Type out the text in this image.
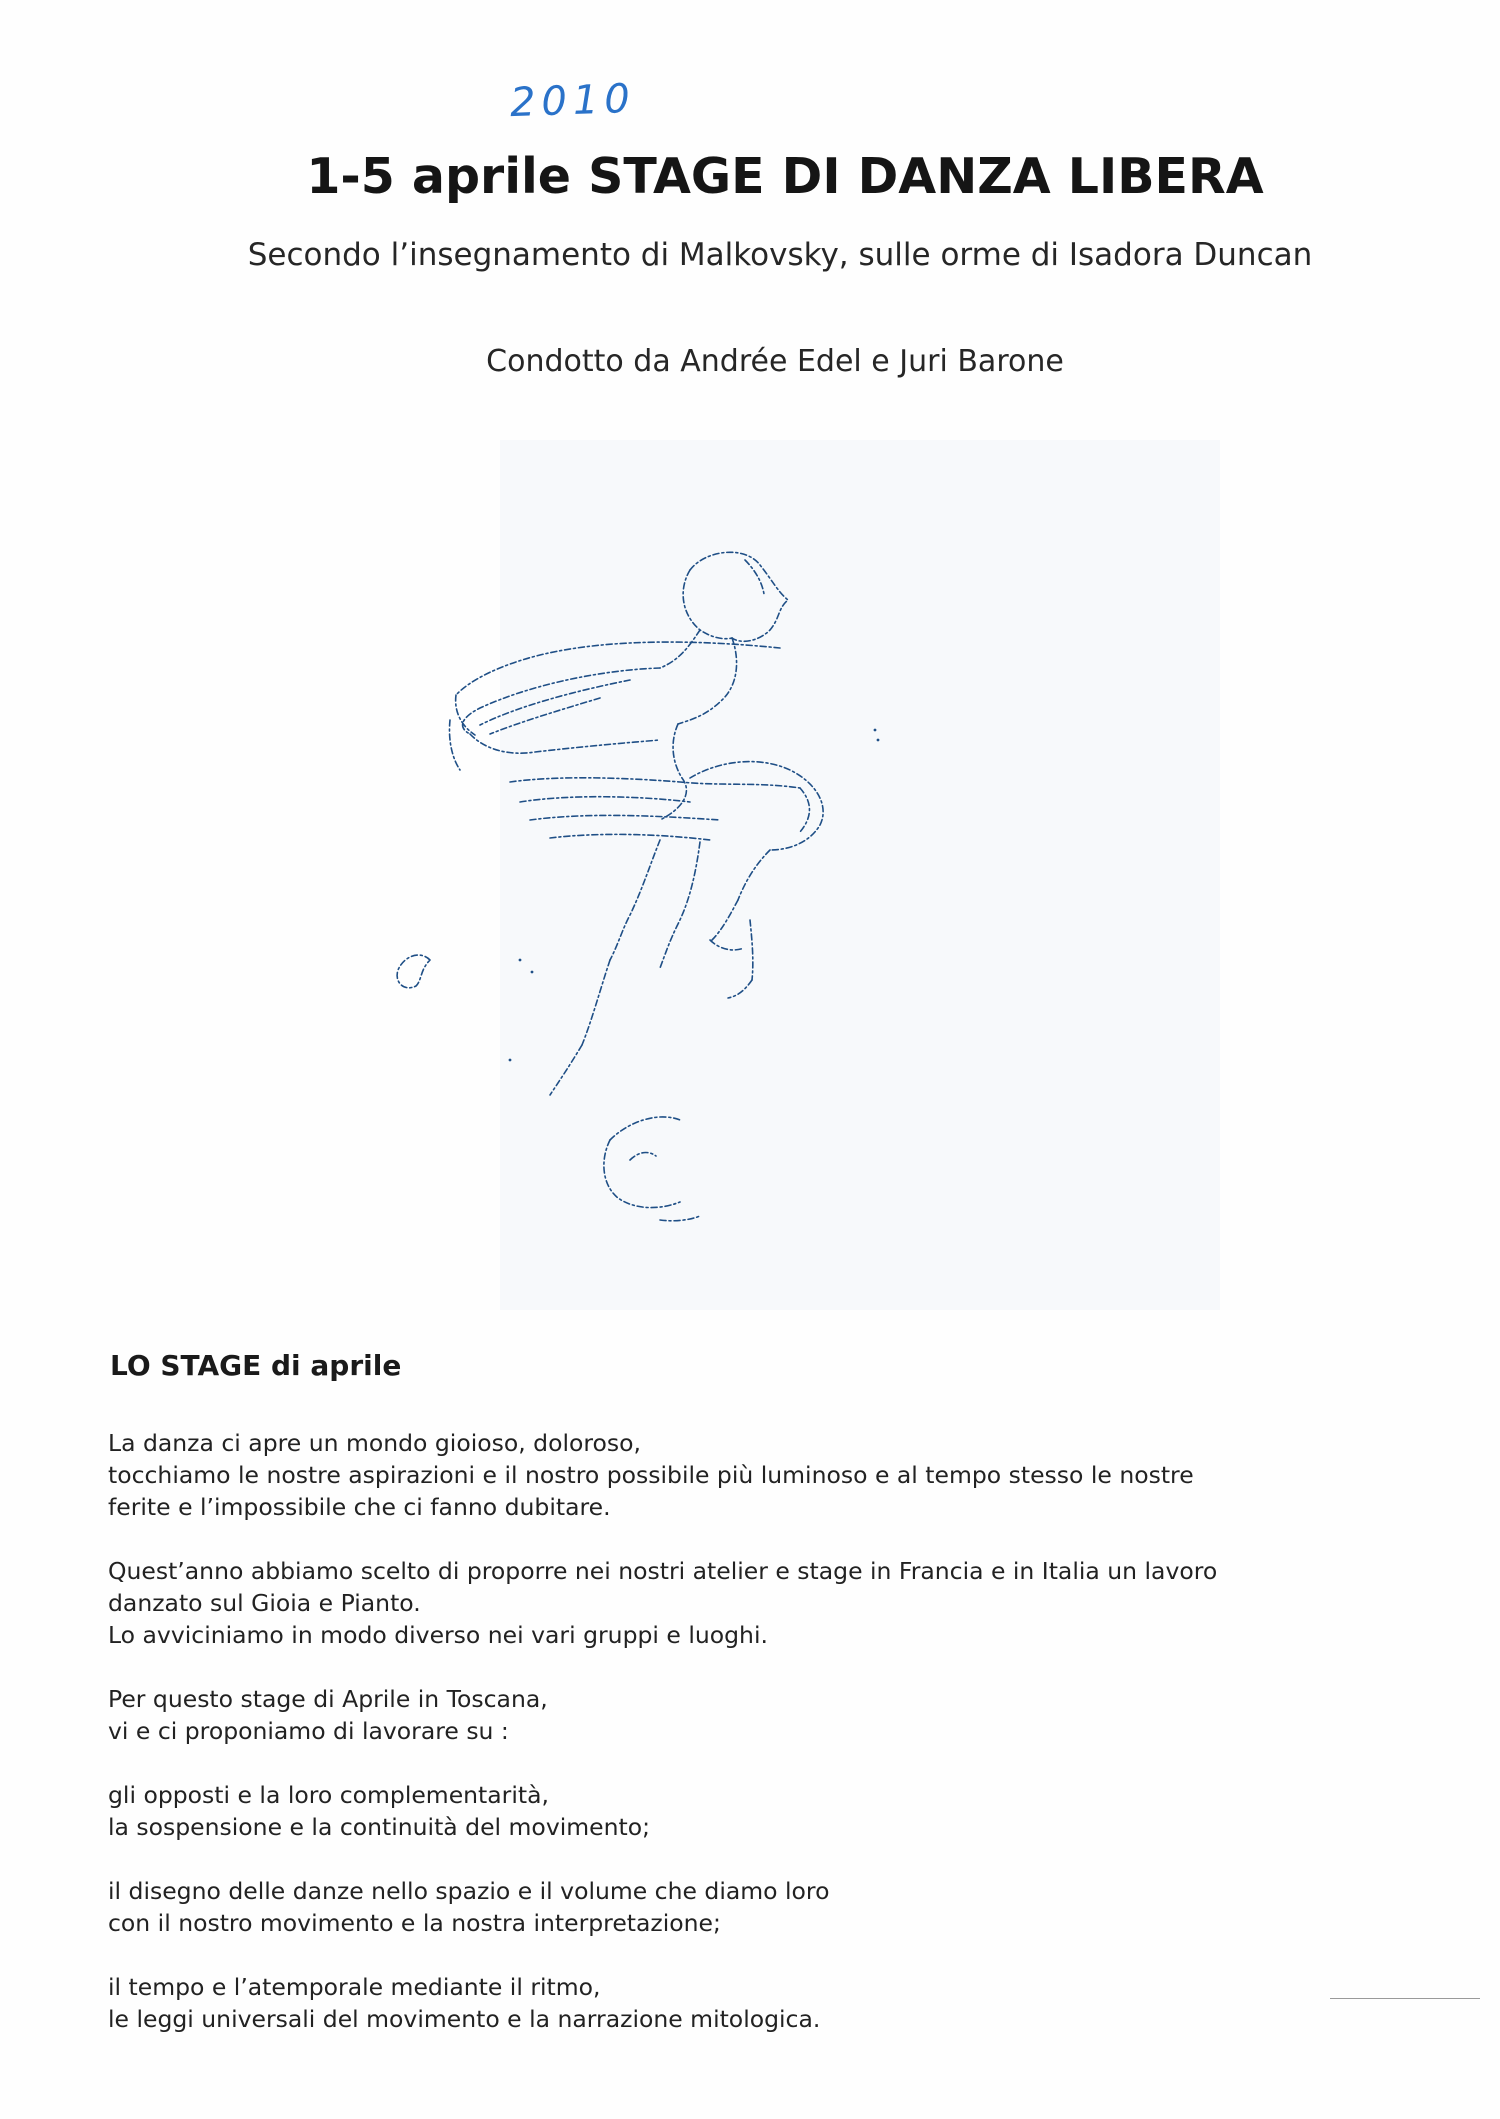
2010
1-5 aprile STAGE DI DANZA LIBERA
Secondo l’insegnamento di Malkovsky, sulle orme di Isadora Duncan
Condotto da Andrée Edel e Juri Barone
LO STAGE di aprile
La danza ci apre un mondo gioioso, doloroso,
tocchiamo le nostre aspirazioni e il nostro possibile più luminoso e al tempo stesso le nostre
ferite e l’impossibile che ci fanno dubitare.
Quest’anno abbiamo scelto di proporre nei nostri atelier e stage in Francia e in Italia un lavoro
danzato sul Gioia e Pianto.
Lo avviciniamo in modo diverso nei vari gruppi e luoghi.
Per questo stage di Aprile in Toscana,
vi e ci proponiamo di lavorare su :
gli opposti e la loro complementarità,
la sospensione e la continuità del movimento;
il disegno delle danze nello spazio e il volume che diamo loro
con il nostro movimento e la nostra interpretazione;
il tempo e l’atemporale mediante il ritmo,
le leggi universali del movimento e la narrazione mitologica.
